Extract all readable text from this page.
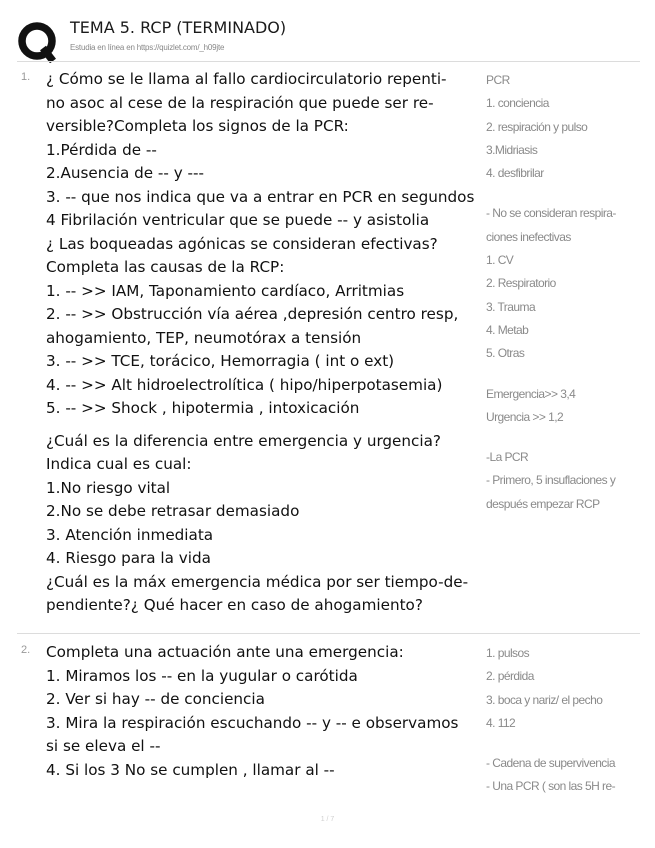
TEMA 5. RCP (TERMINADO)
Estudia en línea en https://quizlet.com/_h09jte
1. ¿ Cómo se le llama al fallo cardiocirculatorio repenti-
no asoc al cese de la respiración que puede ser re-
versible?Completa los signos de la PCR:
1.Pérdida de --
2.Ausencia de -- y ---
3. -- que nos indica que va a entrar en PCR en segundos
4 Fibrilación ventricular que se puede -- y asistolia
¿ Las boqueadas agónicas se consideran efectivas?
Completa las causas de la RCP:
1. -- >> IAM, Taponamiento cardíaco, Arritmias
2. -- >> Obstrucción vía aérea ,depresión centro resp,
ahogamiento, TEP, neumotórax a tensión
3. -- >> TCE, torácico, Hemorragia ( int o ext)
4. -- >> Alt hidroelectrolítica ( hipo/hiperpotasemia)
5. -- >> Shock , hipotermia , intoxicación
¿Cuál es la diferencia entre emergencia y urgencia?
Indica cual es cual:
1.No riesgo vital
2.No se debe retrasar demasiado
3. Atención inmediata
4. Riesgo para la vida
¿Cuál es la máx emergencia médica por ser tiempo-de-
pendiente?¿ Qué hacer en caso de ahogamiento?
PCR
1. conciencia
2. respiración y pulso
3.Midriasis
4. desfibrilar
- No se consideran respira-
ciones inefectivas
1. CV
2. Respiratorio
3. Trauma
4. Metab
5. Otras
Emergencia>> 3,4
Urgencia >> 1,2
-La PCR
- Primero, 5 insuflaciones y
después empezar RCP
2. Completa una actuación ante una emergencia:
1. Miramos los -- en la yugular o carótida
2. Ver si hay -- de conciencia
3. Mira la respiración escuchando -- y -- e observamos
si se eleva el --
4. Si los 3 No se cumplen , llamar al --
1. pulsos
2. pérdida
3. boca y nariz/ el pecho
4. 112
- Cadena de supervivencia
- Una PCR ( son las 5H re-
1 / 7
